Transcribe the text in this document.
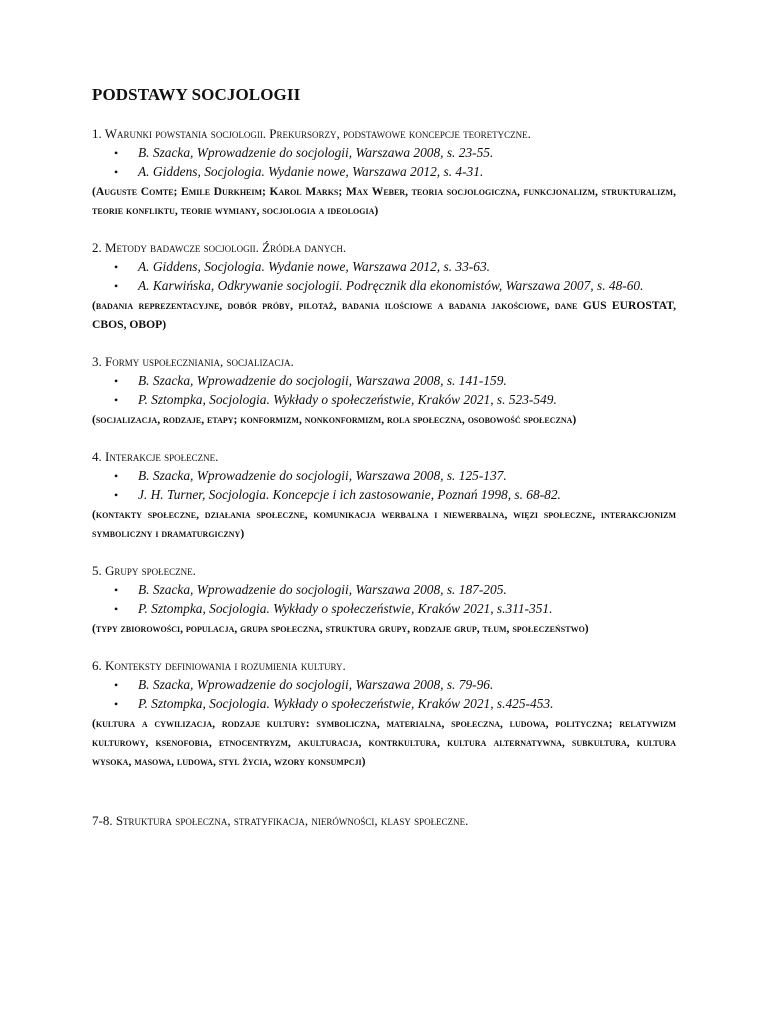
PODSTAWY SOCJOLOGII

1. Warunki powstania socjologii. Prekursorzy, podstawowe koncepcje teoretyczne.

• B. Szacka, Wprowadzenie do socjologii, Warszawa 2008, s. 23-55.
• A. Giddens, Socjologia. Wydanie nowe, Warszawa 2012, s. 4-31.

(Auguste Comte; Emile Durkheim; Karol Marks; Max Weber, teoria socjologiczna, funkcjonalizm, strukturalizm, teorie konfliktu, teorie wymiany, socjologia a ideologia)

2. Metody badawcze socjologii. Źródła danych.

• A. Giddens, Socjologia. Wydanie nowe, Warszawa 2012, s. 33-63.
• A. Karwińska, Odkrywanie socjologii. Podręcznik dla ekonomistów, Warszawa 2007, s. 48-60.

(badania reprezentacyjne, dobór próby, pilotaż, badania ilościowe a badania jakościowe, dane GUS EUROSTAT, CBOS, OBOP)

3. Formy uspołeczniania, socjalizacja.

• B. Szacka, Wprowadzenie do socjologii, Warszawa 2008, s. 141-159.
• P. Sztompka, Socjologia. Wykłady o społeczeństwie, Kraków 2021, s. 523-549.

(socjalizacja, rodzaje, etapy; konformizm, nonkonformizm, rola społeczna, osobowość społeczna)

4. Interakcje społeczne.

• B. Szacka, Wprowadzenie do socjologii, Warszawa 2008, s. 125-137.
• J. H. Turner, Socjologia. Koncepcje i ich zastosowanie, Poznań 1998, s. 68-82.

(kontakty społeczne, działania społeczne, komunikacja werbalna i niewerbalna, więzi społeczne, interakcjonizm symboliczny i dramaturgiczny)

5. Grupy społeczne.

• B. Szacka, Wprowadzenie do socjologii, Warszawa 2008, s. 187-205.
• P. Sztompka, Socjologia. Wykłady o społeczeństwie, Kraków 2021, s.311-351.

(typy zbiorowości, populacja, grupa społeczna, struktura grupy, rodzaje grup, tłum, społeczeństwo)

6. Konteksty definiowania i rozumienia kultury.

• B. Szacka, Wprowadzenie do socjologii, Warszawa 2008, s. 79-96.
• P. Sztompka, Socjologia. Wykłady o społeczeństwie, Kraków 2021, s.425-453.

(kultura a cywilizacja, rodzaje kultury: symboliczna, materialna, społeczna, ludowa, polityczna; relatywizm kulturowy, ksenofobia, etnocentryzm, akulturacja, kontrkultura, kultura alternatywna, subkultura, kultura wysoka, masowa, ludowa, styl życia, wzory konsumpcji)

7-8. Struktura społeczna, stratyfikacja, nierówności, klasy społeczne.
